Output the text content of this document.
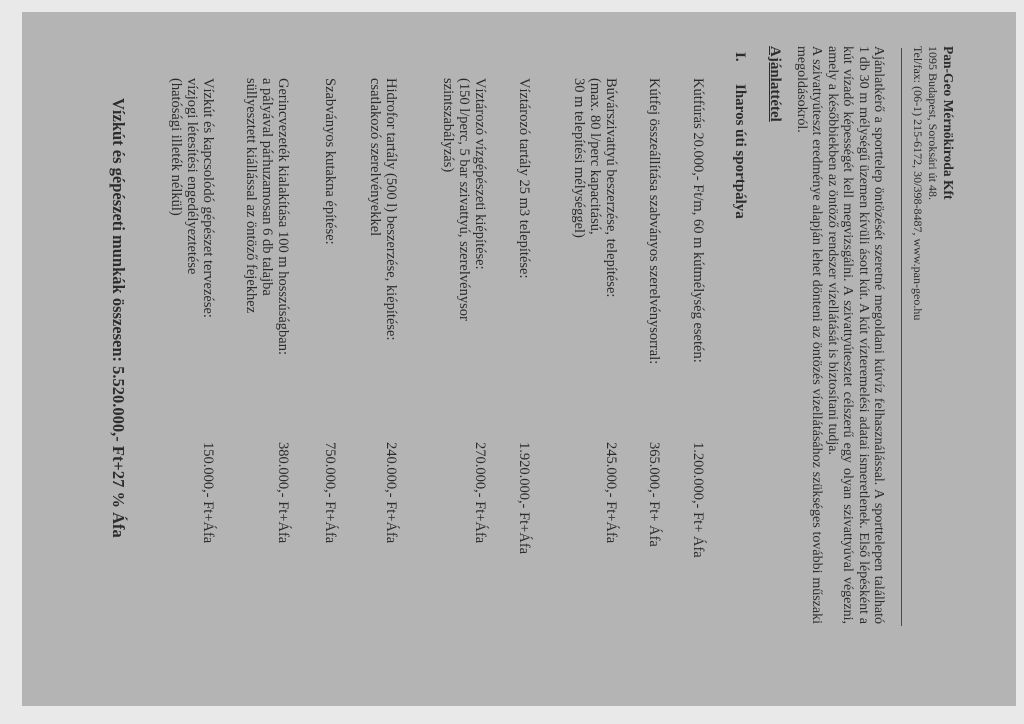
Pan-Geo Mérnökiroda Kft
1095 Budapest, Soroksári út 48.
Tel/fax: (06-1) 215-6172, 30/398-8487, www.pan-geo.hu

Ajánlatkérő a sporttelep öntözését szeretné megoldani kútvíz felhasználással. A sporttelepen található 1 db 30 m mélységű üzemen kívüli ásott kút. A kút vízteremelési adatai ismeretlenek. Első lépésként a kút vízadó képességét kell megvizsgálni. A szivattyútesztet célszerű egy olyan szivattyúval végezni, amely a későbbiekben az öntöző rendszer vízellátását is biztosítani tudja.

A szivattyúteszt eredménye alapján lehet dönteni az öntözés vízellátásához szükséges további műszaki megoldásokról.

Ajánlattétel
I.Iharos úti sportpálya
Kútfúrás 20.000,- Ft/m, 60 m kútmélység esetén:
1.200.000,- Ft+ Áfa
Kútfej összeállítása szabványos szerelvénysorral:
365.000,- Ft+ Áfa
Búvárszivattyú beszerzése, telepítése:
(max. 80 l/perc kapacitású,
30 m telepítési mélységgel)
245.000,- Ft+Áfa
Víztározó tartály 25 m3 telepítése:
1.920.000,- Ft+Áfa
Víztározó vízgépészeti kiépítése:
(150 l/perc, 5 bar szivattyú, szerelvénysor
szintszabályzás)
270.000,- Ft+Áfa
Hidrofor tartály (500 l) beszerzése, kiépítése:
csatlakozó szerelvényekkel
240.000,- Ft+Áfa
Szabványos kutakna építése:
750.000,- Ft+Áfa
Gerincvezeték kialakítása 100 m hosszúságban:
a pályával párhuzamosan 6 db talajba
süllyesztett kiállással az öntöző fejekhez
380.000,- Ft+Áfa
Vízkút és kapcsolódó gépészet tervezése:
vízjogi létesítési engedélyeztetése
(hatósági illeték nélkül)
150.000,- Ft+Áfa
Vízkút és gépészeti munkák összesen: 5.520.000,- Ft+27 % Áfa
